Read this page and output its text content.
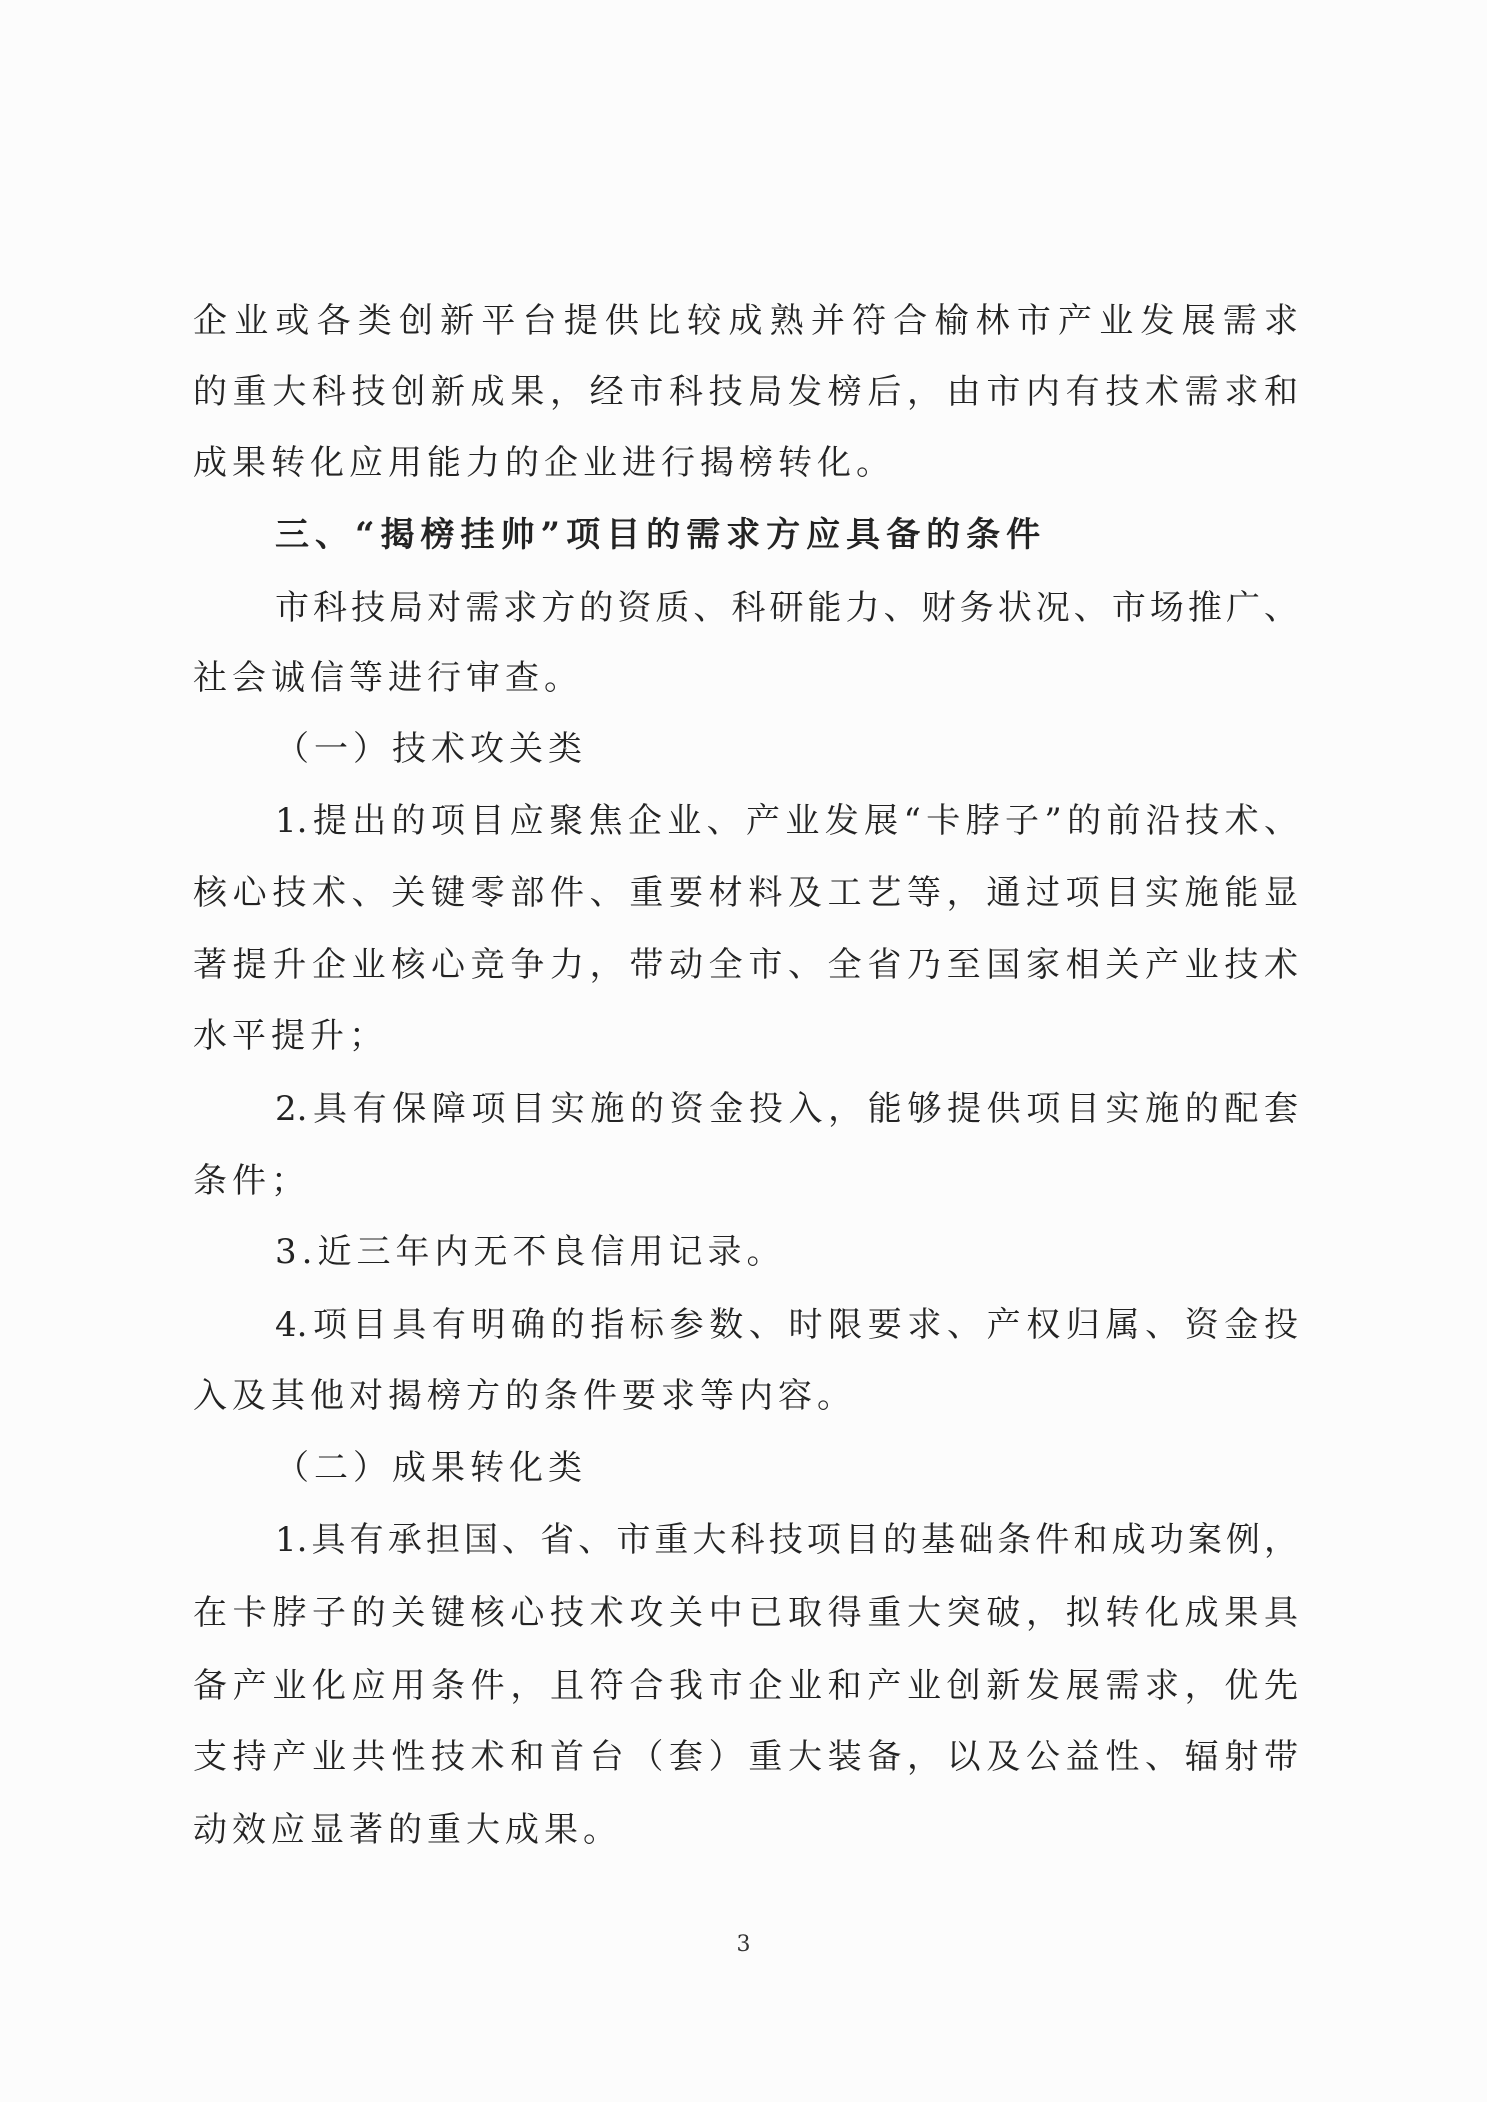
企业或各类创新平台提供比较成熟并符合榆林市产业发展需求
的重大科技创新成果，经市科技局发榜后，由市内有技术需求和
成果转化应用能力的企业进行揭榜转化。
三、“揭榜挂帅”项目的需求方应具备的条件
市科技局对需求方的资质、科研能力、财务状况、市场推广、
社会诚信等进行审查。
（一）技术攻关类
1.提出的项目应聚焦企业、产业发展“卡脖子”的前沿技术、
核心技术、关键零部件、重要材料及工艺等，通过项目实施能显
著提升企业核心竞争力，带动全市、全省乃至国家相关产业技术
水平提升；
2.具有保障项目实施的资金投入，能够提供项目实施的配套
条件；
3.近三年内无不良信用记录。
4.项目具有明确的指标参数、时限要求、产权归属、资金投
入及其他对揭榜方的条件要求等内容。
（二）成果转化类
1.具有承担国、省、市重大科技项目的基础条件和成功案例，
在卡脖子的关键核心技术攻关中已取得重大突破，拟转化成果具
备产业化应用条件，且符合我市企业和产业创新发展需求，优先
支持产业共性技术和首台（套）重大装备，以及公益性、辐射带
动效应显著的重大成果。
3
